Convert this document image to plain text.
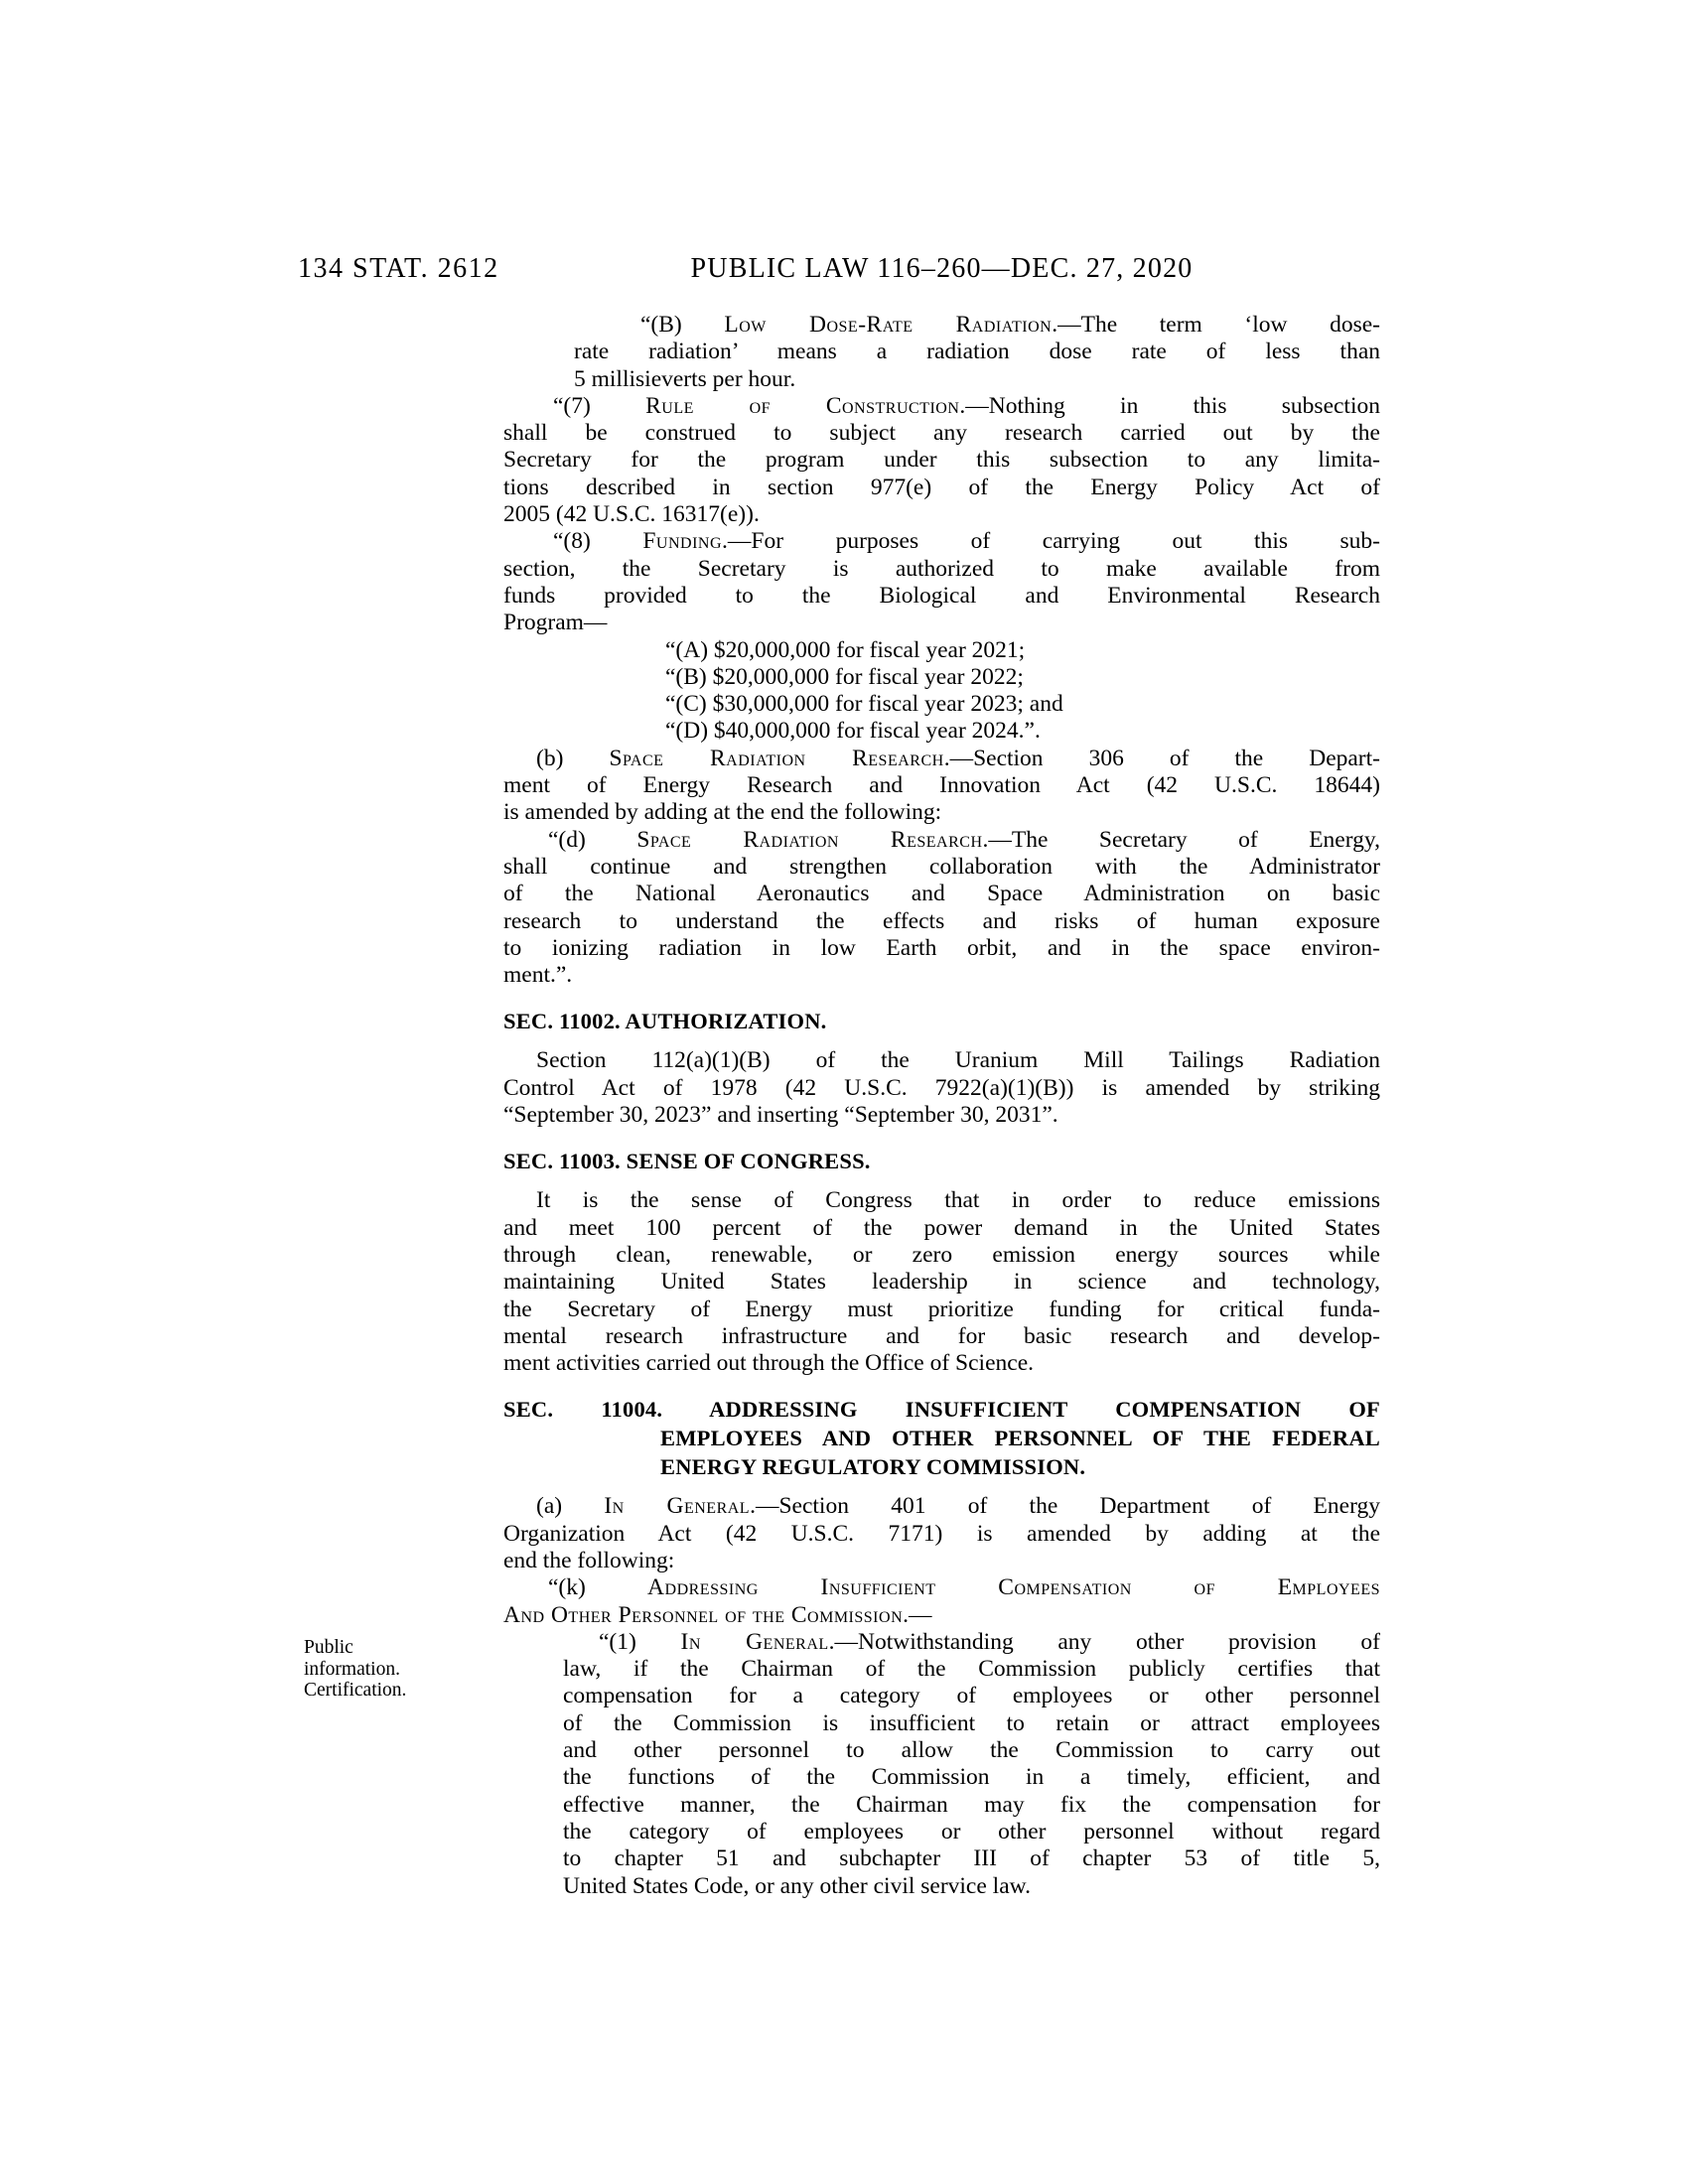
134 STAT. 2612	PUBLIC LAW 116–260—DEC. 27, 2020
Public
information.
Certification.
“(B) Low Dose-Rate Radiation.—The term ‘low dose-
rate radiation’ means a radiation dose rate of less than
5 millisieverts per hour.
“(7) Rule of Construction.—Nothing in this subsection
shall be construed to subject any research carried out by the
Secretary for the program under this subsection to any limita-
tions described in section 977(e) of the Energy Policy Act of
2005 (42 U.S.C. 16317(e)).
“(8) Funding.—For purposes of carrying out this sub-
section, the Secretary is authorized to make available from
funds provided to the Biological and Environmental Research
Program—
“(A) $20,000,000 for fiscal year 2021;
“(B) $20,000,000 for fiscal year 2022;
“(C) $30,000,000 for fiscal year 2023; and
“(D) $40,000,000 for fiscal year 2024.”.
(b) Space Radiation Research.—Section 306 of the Depart-
ment of Energy Research and Innovation Act (42 U.S.C. 18644)
is amended by adding at the end the following:
“(d) Space Radiation Research.—The Secretary of Energy,
shall continue and strengthen collaboration with the Administrator
of the National Aeronautics and Space Administration on basic
research to understand the effects and risks of human exposure
to ionizing radiation in low Earth orbit, and in the space environ-
ment.”.
SEC. 11002. AUTHORIZATION.
Section 112(a)(1)(B) of the Uranium Mill Tailings Radiation
Control Act of 1978 (42 U.S.C. 7922(a)(1)(B)) is amended by striking
“September 30, 2023” and inserting “September 30, 2031”.
SEC. 11003. SENSE OF CONGRESS.
It is the sense of Congress that in order to reduce emissions
and meet 100 percent of the power demand in the United States
through clean, renewable, or zero emission energy sources while
maintaining United States leadership in science and technology,
the Secretary of Energy must prioritize funding for critical funda-
mental research infrastructure and for basic research and develop-
ment activities carried out through the Office of Science.
SEC. 11004. ADDRESSING INSUFFICIENT COMPENSATION OF
EMPLOYEES AND OTHER PERSONNEL OF THE FEDERAL
ENERGY REGULATORY COMMISSION.
(a) In General.—Section 401 of the Department of Energy
Organization Act (42 U.S.C. 7171) is amended by adding at the
end the following:
“(k) Addressing Insufficient Compensation of Employees
And Other Personnel of the Commission.—
“(1) In General.—Notwithstanding any other provision of
law, if the Chairman of the Commission publicly certifies that
compensation for a category of employees or other personnel
of the Commission is insufficient to retain or attract employees
and other personnel to allow the Commission to carry out
the functions of the Commission in a timely, efficient, and
effective manner, the Chairman may fix the compensation for
the category of employees or other personnel without regard
to chapter 51 and subchapter III of chapter 53 of title 5,
United States Code, or any other civil service law.
